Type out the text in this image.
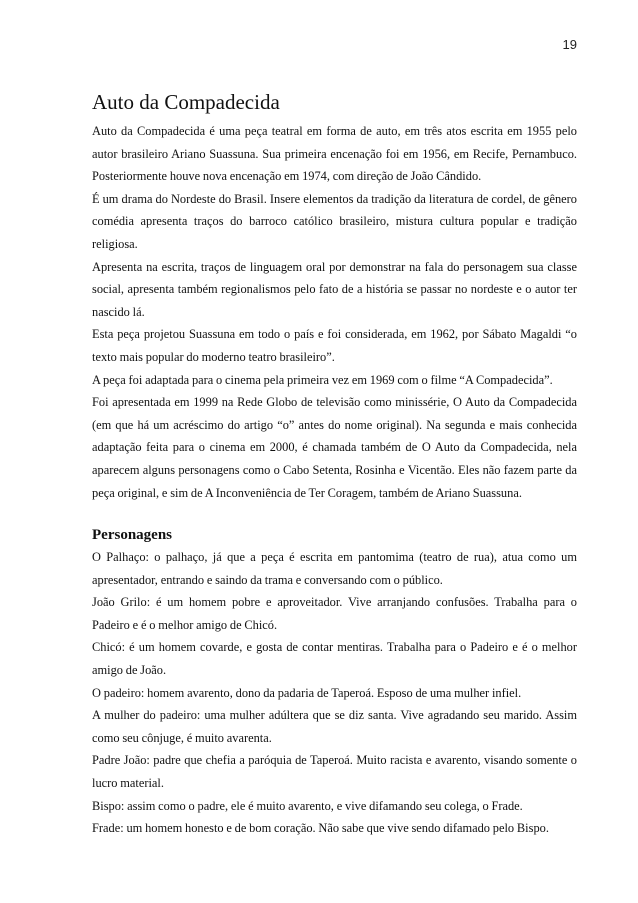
19
Auto da Compadecida

Auto da Compadecida é uma peça teatral em forma de auto, em três atos escrita em 1955 pelo autor brasileiro Ariano Suassuna. Sua primeira encenação foi em 1956, em Recife, Pernambuco. Posteriormente houve nova encenação em 1974, com direção de João Cândido.

É um drama do Nordeste do Brasil. Insere elementos da tradição da literatura de cordel, de gênero comédia apresenta traços do barroco católico brasileiro, mistura cultura popular e tradição religiosa.

Apresenta na escrita, traços de linguagem oral por demonstrar na fala do personagem sua classe social, apresenta também regionalismos pelo fato de a história se passar no nordeste e o autor ter nascido lá.

Esta peça projetou Suassuna em todo o país e foi considerada, em 1962, por Sábato Magaldi “o texto mais popular do moderno teatro brasileiro”.

A peça foi adaptada para o cinema pela primeira vez em 1969 com o filme “A Compadecida”.

Foi apresentada em 1999 na Rede Globo de televisão como minissérie, O Auto da Compadecida (em que há um acréscimo do artigo “o” antes do nome original). Na segunda e mais conhecida adaptação feita para o cinema em 2000, é chamada também de O Auto da Compadecida, nela aparecem alguns personagens como o Cabo Setenta, Rosinha e Vicentão. Eles não fazem parte da peça original, e sim de A Inconveniência de Ter Coragem, também de Ariano Suassuna.

Personagens

O Palhaço: o palhaço, já que a peça é escrita em pantomima (teatro de rua), atua como um apresentador, entrando e saindo da trama e conversando com o público.

João Grilo: é um homem pobre e aproveitador. Vive arranjando confusões. Trabalha para o Padeiro e é o melhor amigo de Chicó.

Chicó: é um homem covarde, e gosta de contar mentiras. Trabalha para o Padeiro e é o melhor amigo de João.

O padeiro: homem avarento, dono da padaria de Taperoá. Esposo de uma mulher infiel.

A mulher do padeiro: uma mulher adúltera que se diz santa. Vive agradando seu marido. Assim como seu cônjuge, é muito avarenta.

Padre João: padre que chefia a paróquia de Taperoá. Muito racista e avarento, visando somente o lucro material.

Bispo: assim como o padre, ele é muito avarento, e vive difamando seu colega, o Frade.

Frade: um homem honesto e de bom coração. Não sabe que vive sendo difamado pelo Bispo.
